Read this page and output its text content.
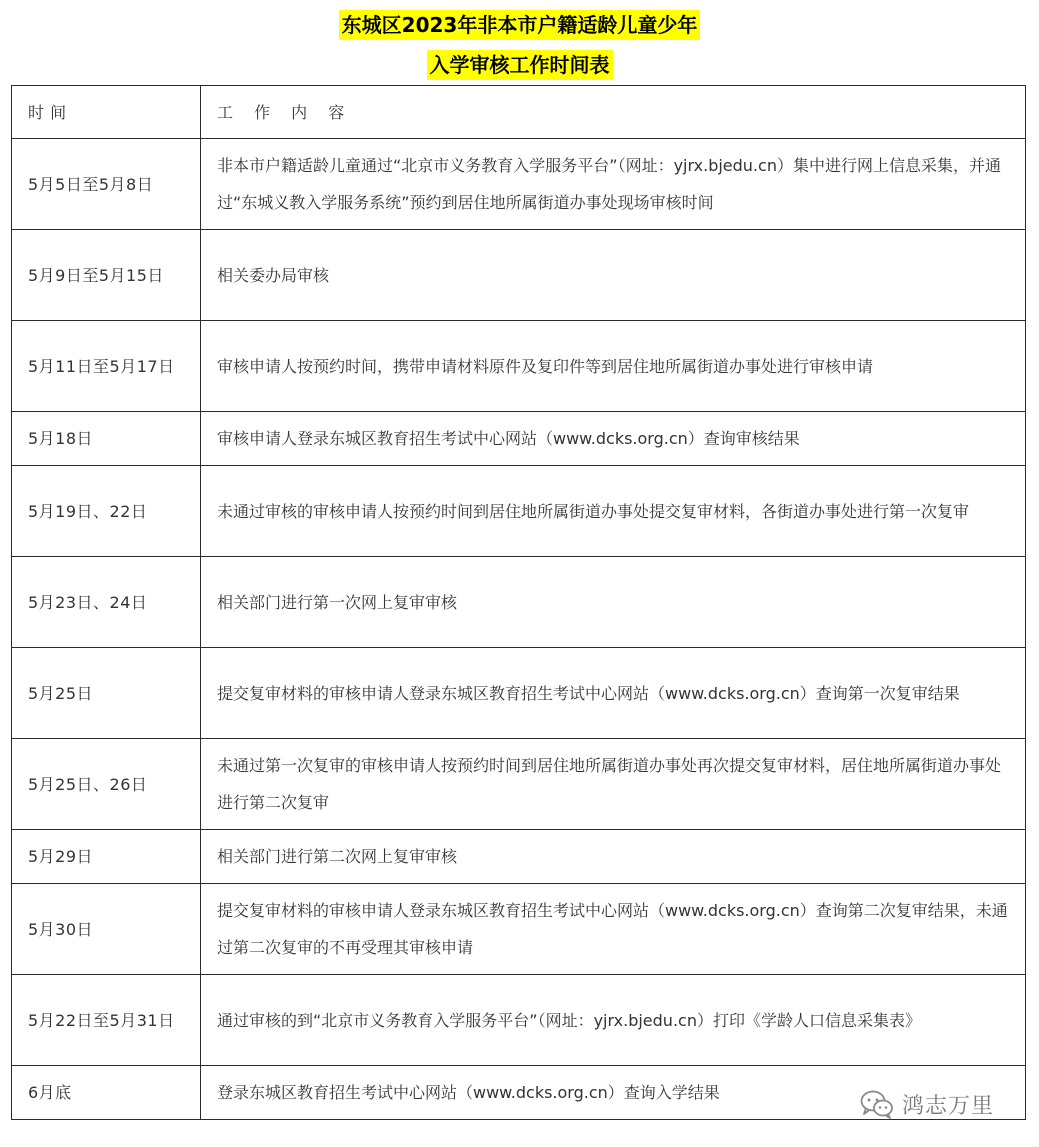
东城区2023年非本市户籍适龄儿童少年
入学审核工作时间表
时 间	工 作 内 容
5月5日至5月8日	非本市户籍适龄儿童通过“北京市义务教育入学服务平台”（网址：yjrx.bjedu.cn）集中进行网上信息采集，并通过“东城义教入学服务系统”预约到居住地所属街道办事处现场审核时间
5月9日至5月15日	相关委办局审核
5月11日至5月17日	审核申请人按预约时间，携带申请材料原件及复印件等到居住地所属街道办事处进行审核申请
5月18日	审核申请人登录东城区教育招生考试中心网站（www.dcks.org.cn）查询审核结果
5月19日、22日	未通过审核的审核申请人按预约时间到居住地所属街道办事处提交复审材料，各街道办事处进行第一次复审
5月23日、24日	相关部门进行第一次网上复审审核
5月25日	提交复审材料的审核申请人登录东城区教育招生考试中心网站（www.dcks.org.cn）查询第一次复审结果
5月25日、26日	未通过第一次复审的审核申请人按预约时间到居住地所属街道办事处再次提交复审材料，居住地所属街道办事处进行第二次复审
5月29日	相关部门进行第二次网上复审审核
5月30日	提交复审材料的审核申请人登录东城区教育招生考试中心网站（www.dcks.org.cn）查询第二次复审结果，未通过第二次复审的不再受理其审核申请
5月22日至5月31日	通过审核的到“北京市义务教育入学服务平台”（网址：yjrx.bjedu.cn）打印《学龄人口信息采集表》
6月底	登录东城区教育招生考试中心网站（www.dcks.org.cn）查询入学结果
鸿志万里
